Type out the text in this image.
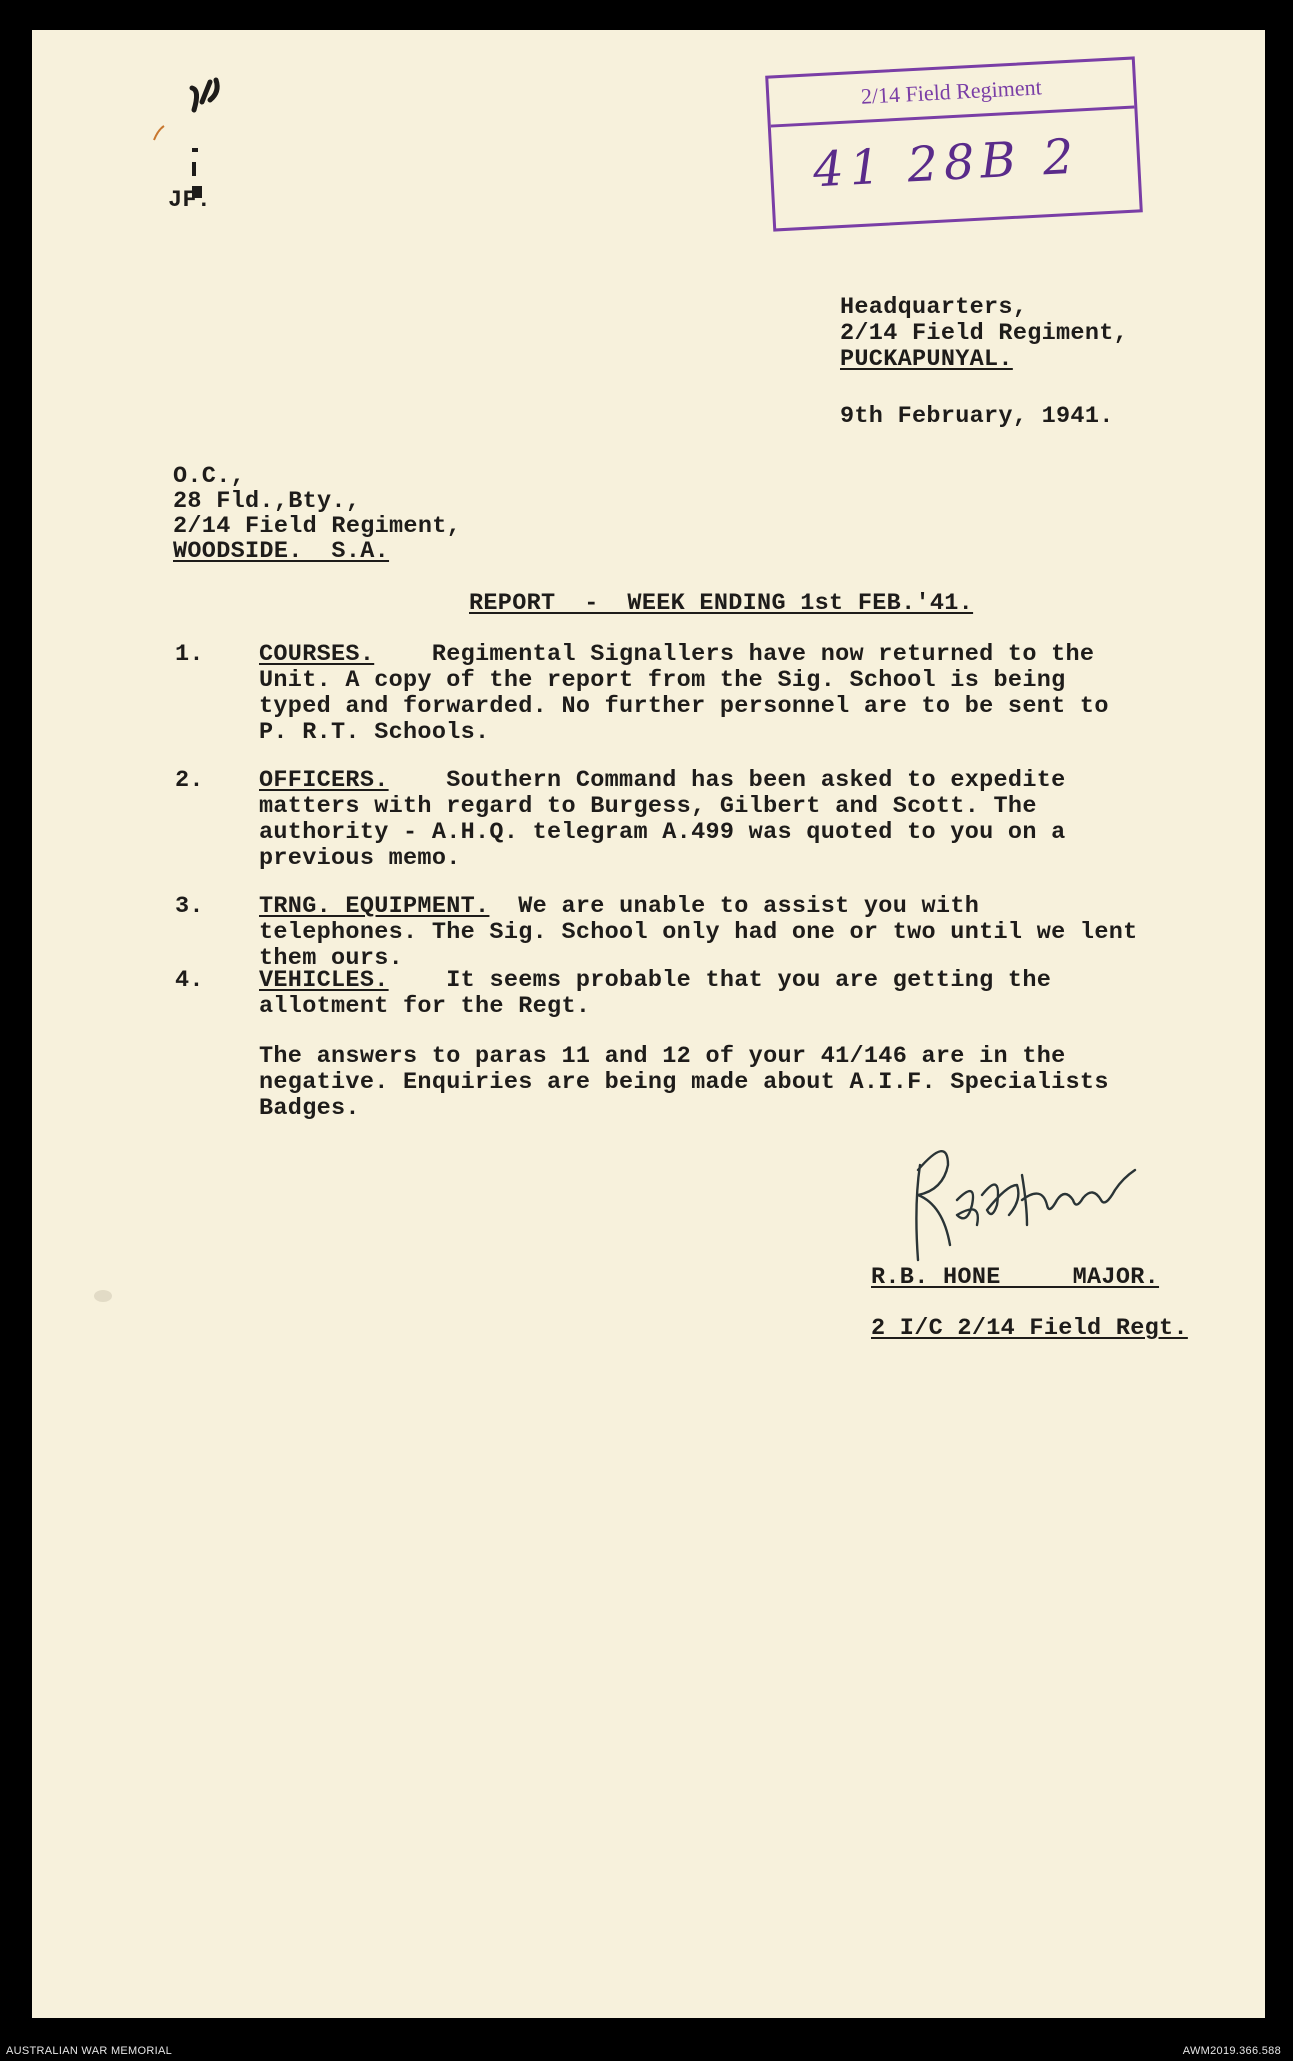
JF.
2/14 Field Regiment
41 28B 2
Headquarters,
2/14 Field Regiment,
PUCKAPUNYAL.
9th February, 1941.
O.C.,
28 Fld.,Bty.,
2/14 Field Regiment,
WOODSIDE.  S.A.
REPORT  -  WEEK ENDING 1st FEB.'41.
1. COURSES. Regimental Signallers have now returned to the Unit. A copy of the report from the Sig. School is being typed and forwarded. No further personnel are to be sent to P. R.T. Schools.
2. OFFICERS. Southern Command has been asked to expedite matters with regard to Burgess, Gilbert and Scott. The authority - A.H.Q. telegram A.499 was quoted to you on a previous memo.
3. TRNG. EQUIPMENT. We are unable to assist you with telephones. The Sig. School only had one or two until we lent them ours.
4. VEHICLES. It seems probable that you are getting the allotment for the Regt.
The answers to paras 11 and 12 of your 41/146 are in the negative. Enquiries are being made about A.I.F. Specialists Badges.
R.B. HONE     MAJOR.
2 I/C 2/14 Field Regt.
AUSTRALIAN WAR MEMORIAL	AWM2019.366.588
